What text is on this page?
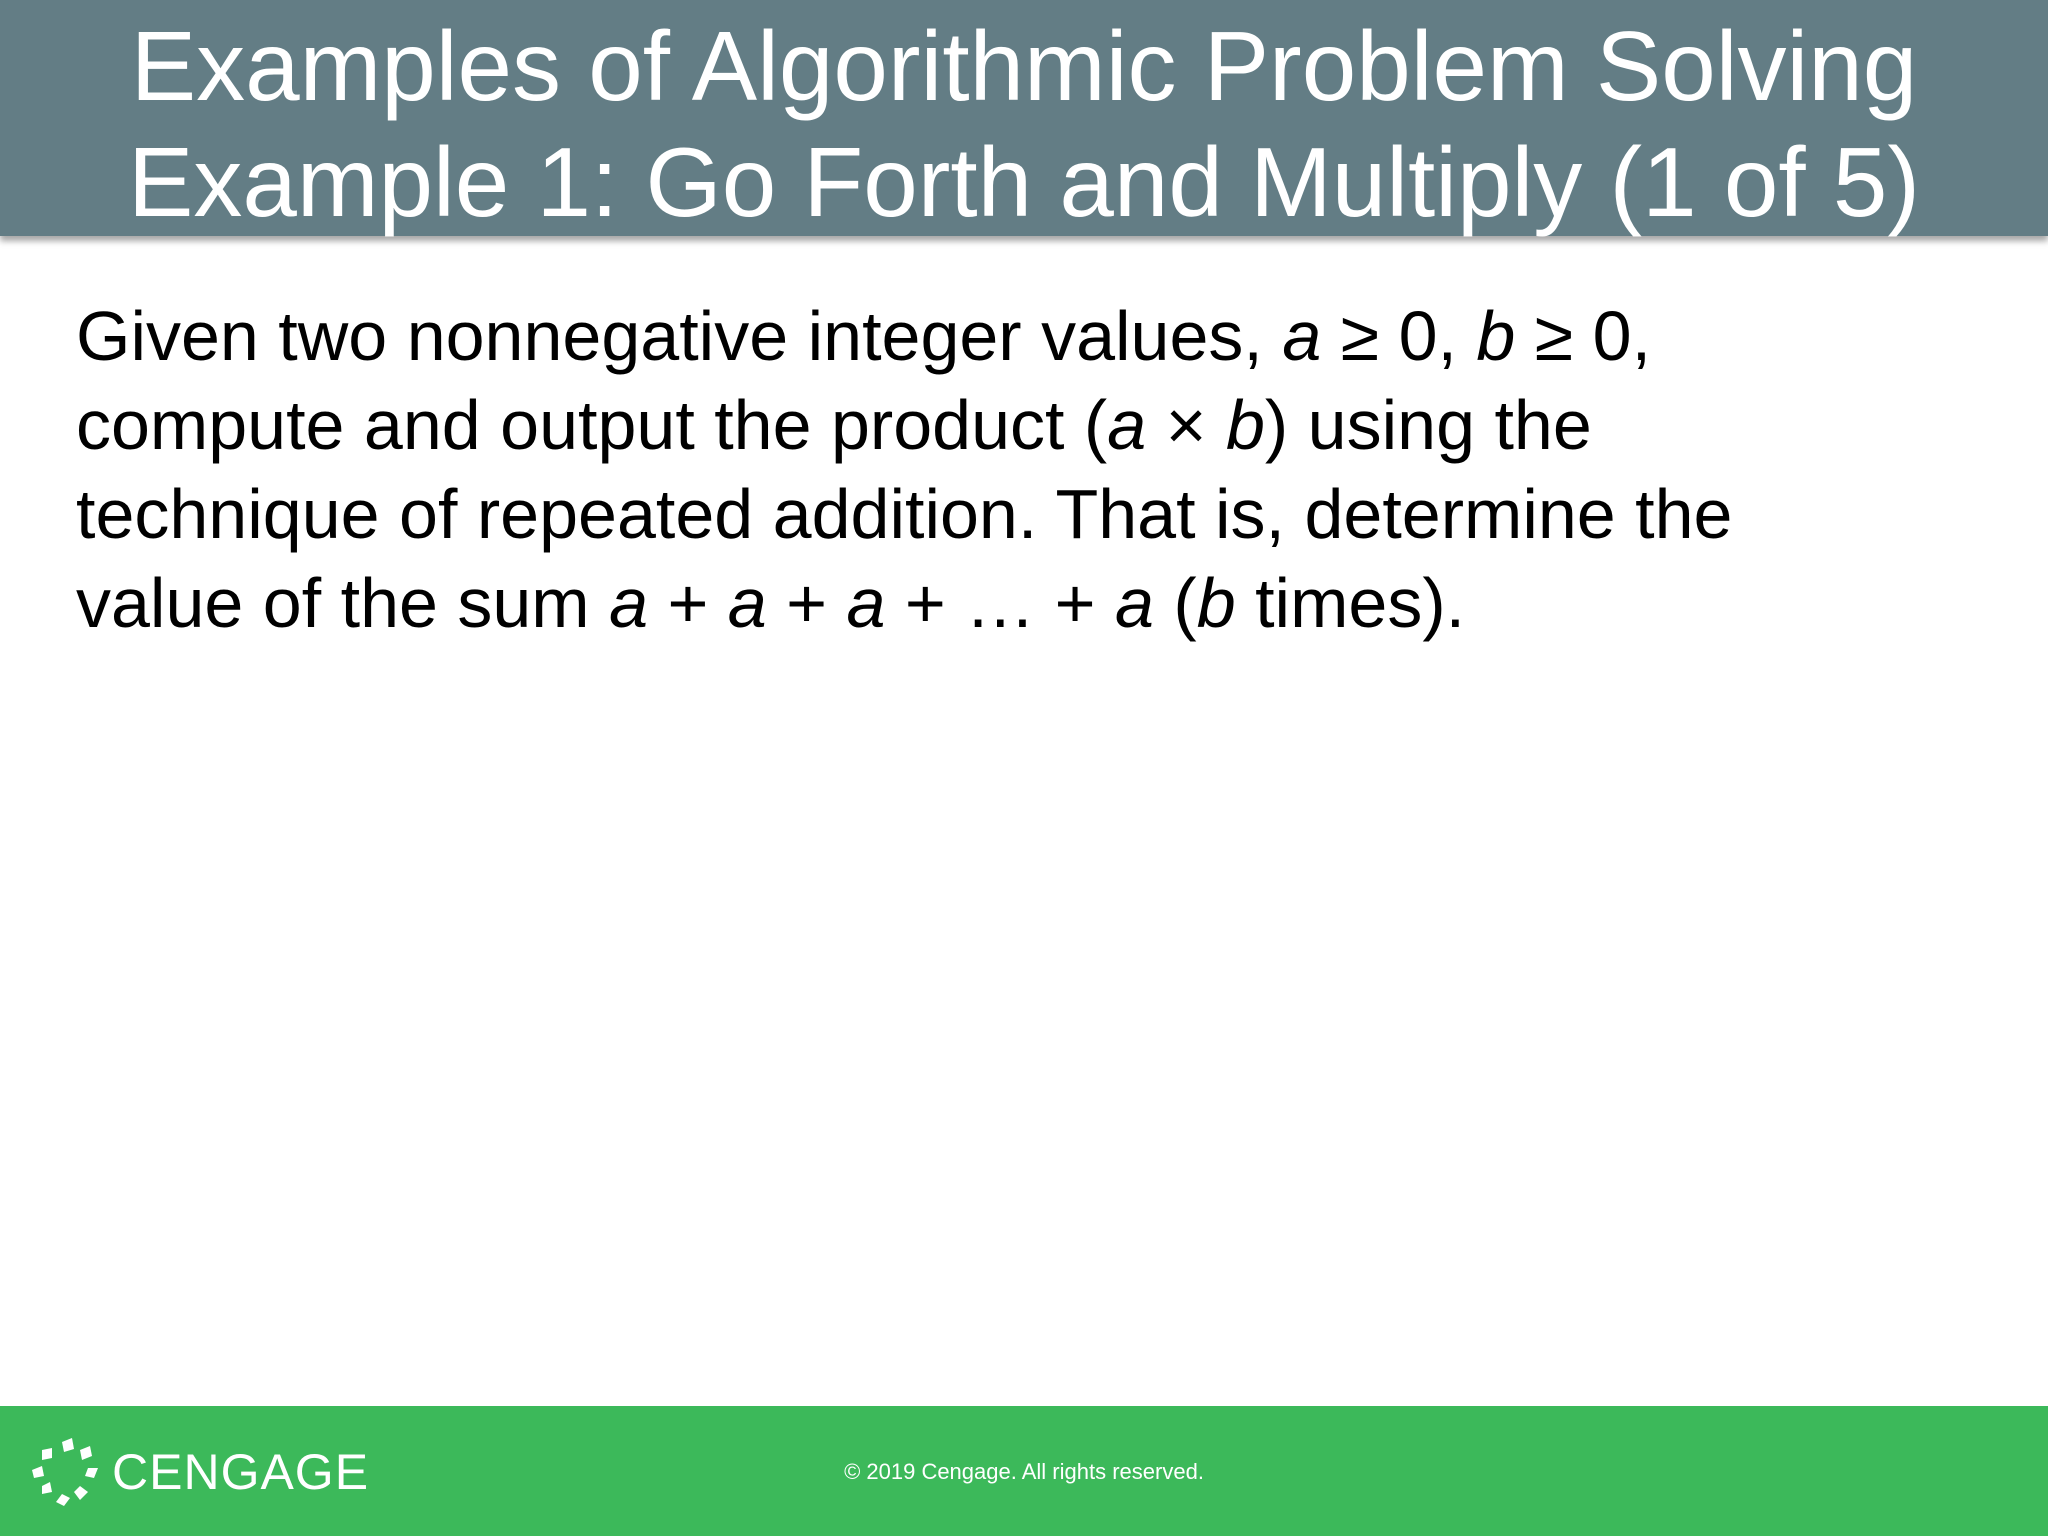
Examples of Algorithmic Problem Solving
Example 1: Go Forth and Multiply (1 of 5)
Given two nonnegative integer values, a ≥ 0, b ≥ 0,
compute and output the product (a × b) using the
technique of repeated addition. That is, determine the
value of the sum a + a + a + … + a (b times).
CENGAGE	© 2019 Cengage. All rights reserved.
